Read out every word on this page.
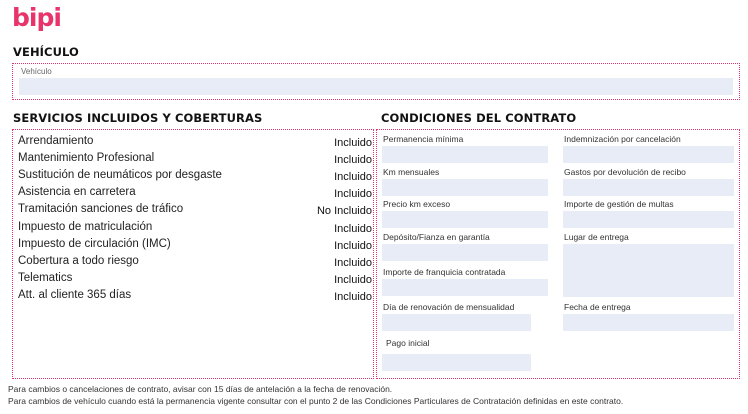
bipi
VEHÍCULO
Vehículo
SERVICIOS INCLUIDOS Y COBERTURAS
Arrendamiento	Incluido
Mantenimiento Profesional	Incluido
Sustitución de neumáticos por desgaste	Incluido
Asistencia en carretera	Incluido
Tramitación sanciones de tráfico	No Incluido
Impuesto de matriculación	Incluido
Impuesto de circulación (IMC)	Incluido
Cobertura a todo riesgo	Incluido
Telematics	Incluido
Att. al cliente 365 días	Incluido
CONDICIONES DEL CONTRATO
Permanencia mínima
Km mensuales
Precio km exceso
Depósito/Fianza en garantía
Importe de franquicia contratada
Día de renovación de mensualidad
Pago inicial
Indemnización por cancelación
Gastos por devolución de recibo
Importe de gestión de multas
Lugar de entrega
Fecha de entrega
Para cambios o cancelaciones de contrato, avisar con 15 días de antelación a la fecha de renovación.
Para cambios de vehículo cuando está la permanencia vigente consultar con el punto 2 de las Condiciones Particulares de Contratación definidas en este contrato.
